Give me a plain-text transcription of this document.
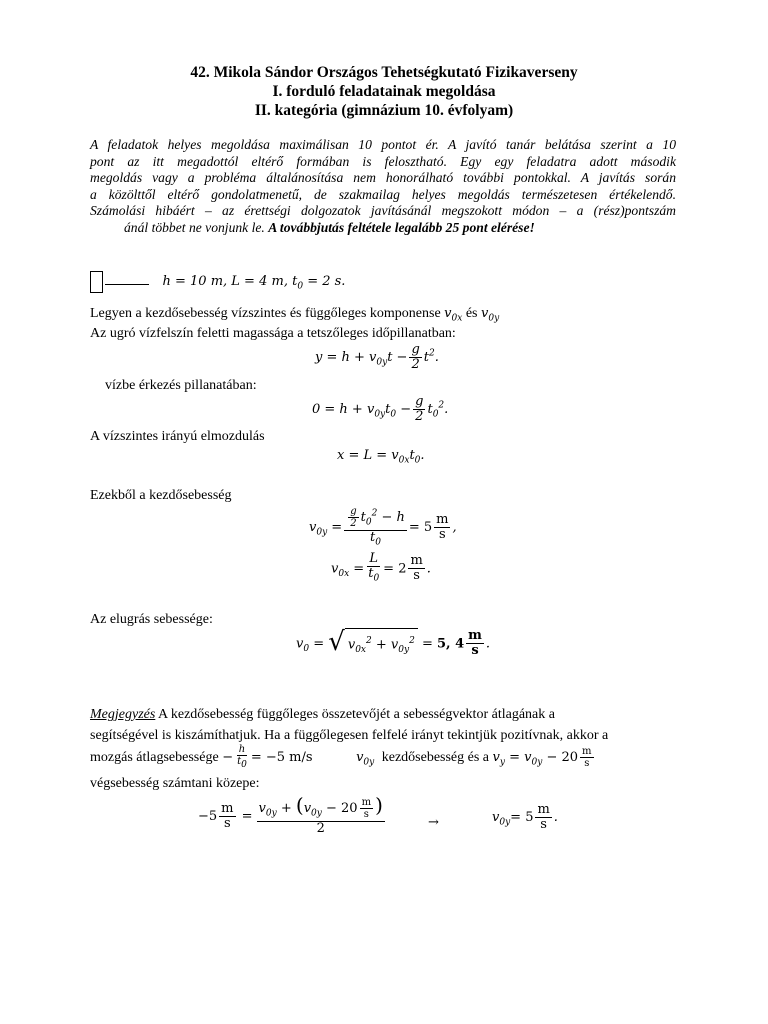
42. Mikola Sándor Országos Tehetségkutató Fizikaverseny
I. forduló feladatainak megoldása
II. kategória (gimnázium 10. évfolyam)
A feladatok helyes megoldása maximálisan 10 pontot ér. A javító tanár belátása szerint a 10
pont az itt megadottól eltérő formában is felosztható. Egy egy feladatra adott második
megoldás vagy a probléma általánosítása nem honorálható további pontokkal. A javítás során
a közölttől eltérő gondolatmenetű, de szakmailag helyes megoldás természetesen értékelendő.
Számolási hibáért – az érettségi dolgozatok javításánál megszokott módon – a (rész)pontszám
ánál többet ne vonjunk le. A továbbjutás feltétele legalább 25 pont elérése!
h = 10 m, L = 4 m, $t_0 = 2$ s.
Legyen a kezdősebesség vízszintes és függőleges komponense $v_{0x}$ és $v_{0y}$
Az ugró vízfelszín feletti magassága a tetszőleges időpillanatban:
$y = h + v_{0y}t - \frac{g}{2} t^2$.
vízbe érkezés pillanatában:
$0 = h + v_{0y}t_0 - \frac{g}{2} t_0^2$.
A vízszintes irányú elmozdulás
$x = L = v_{0x}t_0$.
Ezekből a kezdősebesség
$v_{0y} = \frac{\frac{g}{2} t_0^2 - h}{t_0} = 5 \frac{m}{s}$ ,
$v_{0x} = \frac{L}{t_0} = 2 \frac{m}{s}$ .
Az elugrás sebessége:
$v_0$ = √ $v_{0x}^2 + v_{0y}^2 = 5$, $4 \frac{m}{s}$ .
Megjegyzés A kezdősebesség függőleges összetevőjét a sebességvektor átlagának a
segítségével is kiszámíthatjuk. Ha a függőlegesen felfelé irányt tekintjük pozitívnak, akkor a
mozgás átlagsebessége − $\frac{h}{t_0} = -5$ m/s	$v_{0y}$ kezdősebesség és a $v_y = v_{0y} - 20 \frac{m}{s}$
végsebesség számtani közepe:
$-5 \frac{m}{s} = \frac{v_{0y} + (v_{0y} - 20 \frac{m}{s} )}{2}$	→	$v_{0y}= 5 \frac{m}{s}$ .
